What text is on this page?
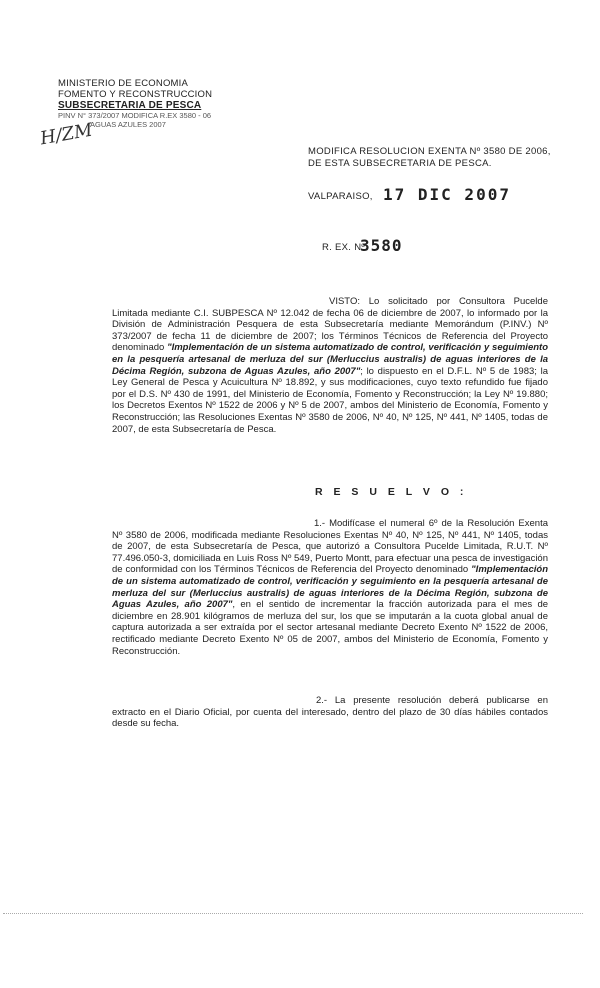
MINISTERIO DE ECONOMIA
FOMENTO Y RECONSTRUCCION
SUBSECRETARIA DE PESCA
PINV N° 373/2007 MODIFICA R.EX 3580 - 06
AGUAS AZULES 2007
H/ZM
MODIFICA RESOLUCION EXENTA Nº 3580 DE 2006, DE ESTA SUBSECRETARIA DE PESCA.
VALPARAISO, 17 DIC 2007
R. EX. Nº
3580
VISTO: Lo solicitado por Consultora Pucelde Limitada mediante C.I. SUBPESCA Nº 12.042 de fecha 06 de diciembre de 2007, lo informado por la División de Administración Pesquera de esta Subsecretaría mediante Memorándum (P.INV.) Nº 373/2007 de fecha 11 de diciembre de 2007; los Términos Técnicos de Referencia del Proyecto denominado "Implementación de un sistema automatizado de control, verificación y seguimiento en la pesquería artesanal de merluza del sur (Merluccius australis) de aguas interiores de la Décima Región, subzona de Aguas Azules, año 2007"; lo dispuesto en el D.F.L. Nº 5 de 1983; la Ley General de Pesca y Acuicultura Nº 18.892, y sus modificaciones, cuyo texto refundido fue fijado por el D.S. Nº 430 de 1991, del Ministerio de Economía, Fomento y Reconstrucción; la Ley Nº 19.880; los Decretos Exentos Nº 1522 de 2006 y Nº 5 de 2007, ambos del Ministerio de Economía, Fomento y Reconstrucción; las Resoluciones Exentas Nº 3580 de 2006, Nº 40, Nº 125, Nº 441, Nº 1405, todas de 2007, de esta Subsecretaría de Pesca.
R E S U E L V O :
1.- Modifícase el numeral 6º de la Resolución Exenta Nº 3580 de 2006, modificada mediante Resoluciones Exentas Nº 40, Nº 125, Nº 441, Nº 1405, todas de 2007, de esta Subsecretaría de Pesca, que autorizó a Consultora Pucelde Limitada, R.U.T. Nº 77.496.050-3, domiciliada en Luis Ross Nº 549, Puerto Montt, para efectuar una pesca de investigación de conformidad con los Términos Técnicos de Referencia del Proyecto denominado "Implementación de un sistema automatizado de control, verificación y seguimiento en la pesquería artesanal de merluza del sur (Merluccius australis) de aguas interiores de la Décima Región, subzona de Aguas Azules, año 2007", en el sentido de incrementar la fracción autorizada para el mes de diciembre en 28.901 kilógramos de merluza del sur, los que se imputarán a la cuota global anual de captura autorizada a ser extraída por el sector artesanal mediante Decreto Exento Nº 1522 de 2006, rectificado mediante Decreto Exento Nº 05 de 2007, ambos del Ministerio de Economía, Fomento y Reconstrucción.
2.- La presente resolución deberá publicarse en extracto en el Diario Oficial, por cuenta del interesado, dentro del plazo de 30 días hábiles contados desde su fecha.
